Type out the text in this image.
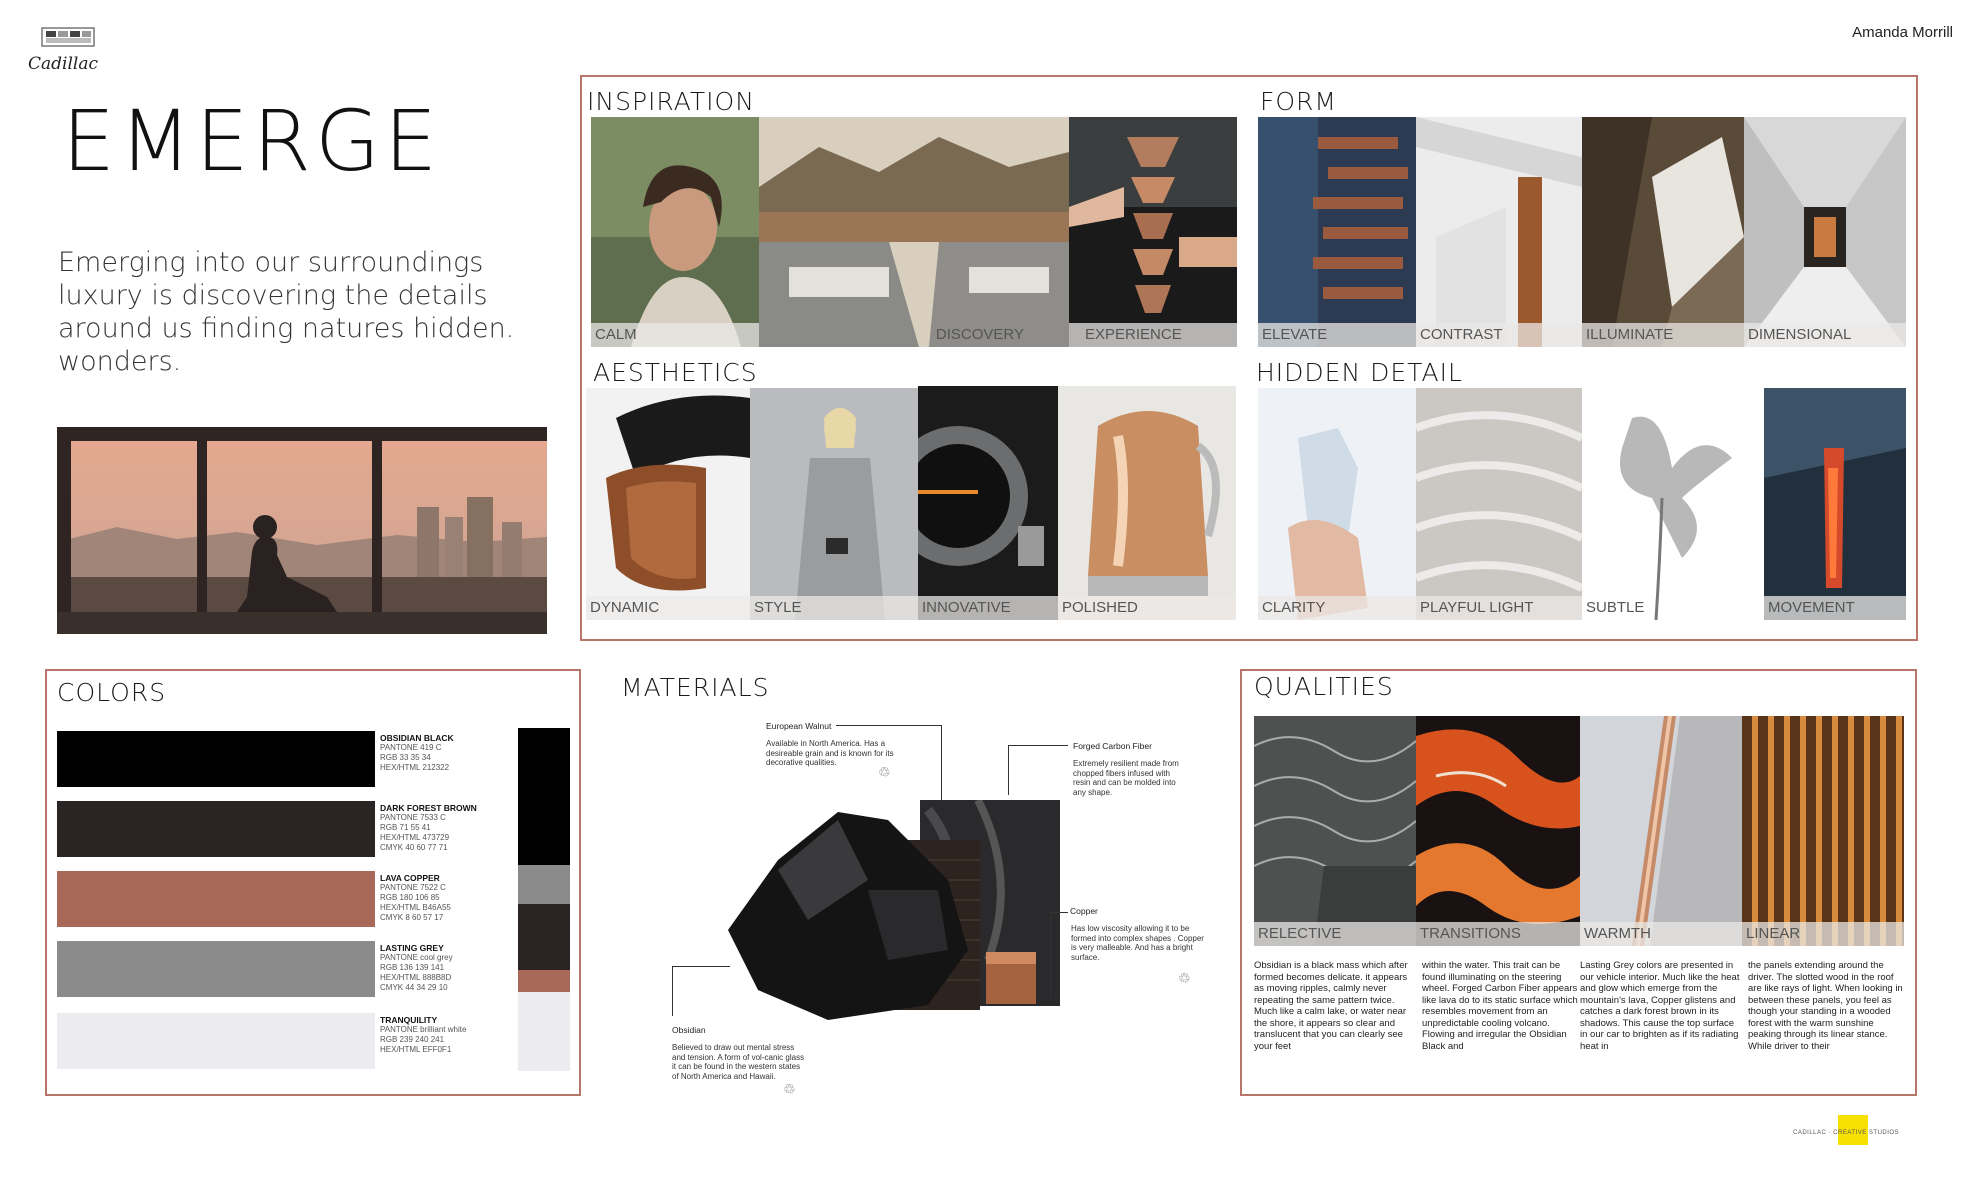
Cadillac
Amanda Morrill
EMERGE
Emerging into our surroundings luxury is discovering the details around us finding natures hidden. wonders.
INSPIRATION	FORM
AESTHETICS	HIDDEN DETAIL
CALM	DISCOVERY	EXPERIENCE	ELEVATE	CONTRAST	ILLUMINATE	DIMENSIONAL
DYNAMIC	STYLE	INNOVATIVE	POLISHED	CLARITY	PLAYFUL LIGHT	SUBTLE	MOVEMENT
COLORS
OBSIDIAN BLACK
PANTONE 419 C
RGB 33 35 34
HEX/HTML 212322
DARK FOREST BROWN
PANTONE 7533 C
RGB 71 55 41
HEX/HTML 473729
CMYK 40 60 77 71
LAVA COPPER
PANTONE 7522 C
RGB 180 106 85
HEX/HTML B46A55
CMYK 8 60 57 17
LASTING GREY
PANTONE cool grey
RGB 136 139 141
HEX/HTML 888B8D
CMYK 44 34 29 10
TRANQUILITY
PANTONE brilliant white
RGB 239 240 241
HEX/HTML EFF0F1
MATERIALS
European Walnut
Available in North America. Has a desireable grain and is known for its decorative qualities.
♲
Forged Carbon Fiber
Extremely resilient made from chopped fibers infused with resin and can be molded into any shape.
Copper
Has low viscosity allowing it to be formed into complex shapes . Copper is very malleable. And has a bright surface.
♲
Obsidian
Believed to draw out mental stress and tension. A form of vol-canic glass it can be found in the western states of North America and Hawaii.
♲
QUALITIES
RELECTIVE	TRANSITIONS	WARMTH	LINEAR
Obsidian is a black mass which after formed becomes delicate. it appears as moving ripples, calmly never repeating the same pattern twice. Much like a calm lake, or water near the shore, it appears so clear and translucent that you can clearly see your feet
within the water. This trait can be found illuminating on the steering wheel. Forged Carbon Fiber appears like lava do to its static surface which resembles movement from an unpredictable cooling volcano. Flowing and irregular the Obsidian Black and
Lasting Grey colors are presented in our vehicle interior. Much like the heat and glow which emerge from the mountain's lava, Copper glistens and catches a dark forest brown in its shadows. This cause the top surface in our car to brighten as if its radiating heat in
the panels extending around the driver. The slotted wood in the roof are like rays of light. When looking in between these panels, you feel as though your standing in a wooded forest with the warm sunshine peaking through its linear stance. While driver to their
CADILLAC · CREATIVE STUDIOS
